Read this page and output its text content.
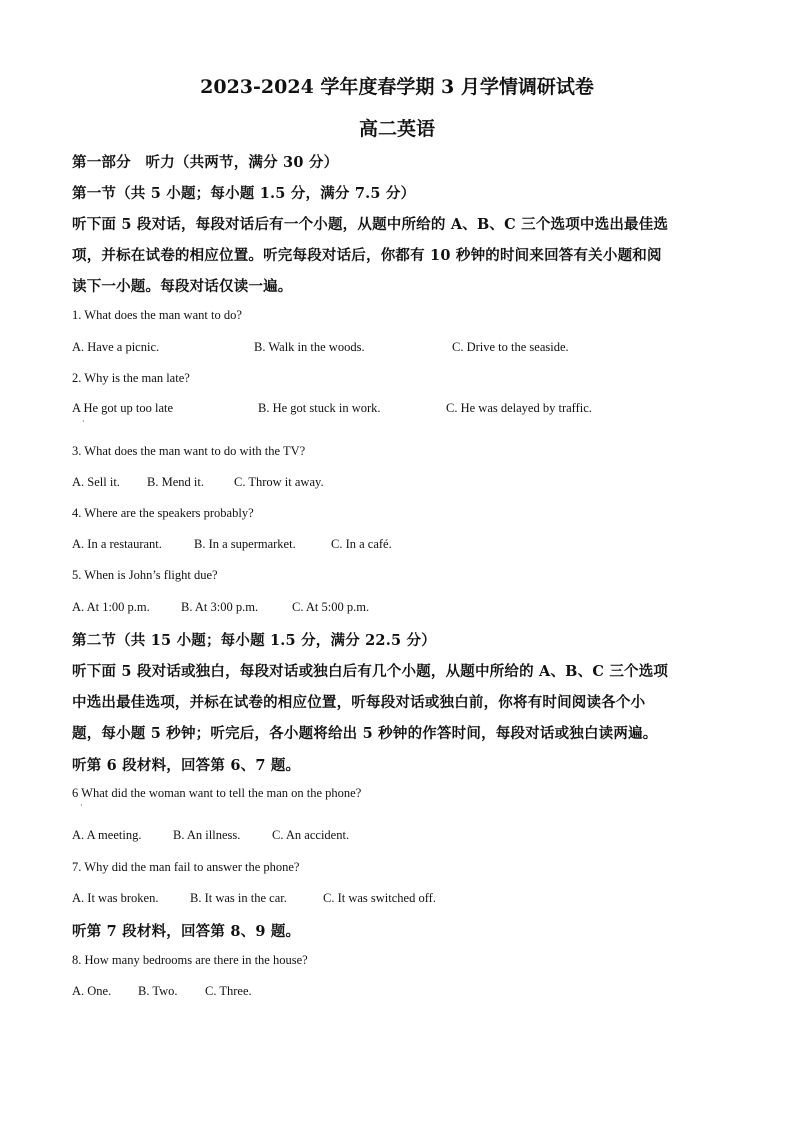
2023-2024 学年度春学期 3 月学情调研试卷
高二英语
第一部分　听力（共两节，满分 30 分）
第一节（共 5 小题；每小题 1.5 分，满分 7.5 分）
听下面 5 段对话，每段对话后有一个小题，从题中所给的 A、B、C 三个选项中选出最佳选
项，并标在试卷的相应位置。听完每段对话后，你都有 10 秒钟的时间来回答有关小题和阅
读下一小题。每段对话仅读一遍。
1. What does the man want to do?
A. Have a picnic.	B. Walk in the woods.	C. Drive to the seaside.
2. Why is the man late?
A He got up too late
·
B. He got stuck in work.	C. He was delayed by traffic.
3. What does the man want to do with the TV?
A. Sell it. B. Mend it. C. Throw it away.
4. Where are the speakers probably?
A. In a restaurant.	B. In a supermarket.	C. In a café.
5. When is John’s flight due?
A. At 1:00 p.m. B. At 3:00 p.m.	C. At 5:00 p.m.
第二节（共 15 小题；每小题 1.5 分，满分 22.5 分）
听下面 5 段对话或独白，每段对话或独白后有几个小题，从题中所给的 A、B、C 三个选项
中选出最佳选项，并标在试卷的相应位置，听每段对话或独白前，你将有时间阅读各个小
题，每小题 5 秒钟；听完后，各小题将给出 5 秒钟的作答时间，每段对话或独白读两遍。
听第 6 段材料，回答第 6、7 题。
6 What did the woman want to tell the man on the phone?
·
A. A meeting.	B. An illness.	C. An accident.
7. Why did the man fail to answer the phone?
A. It was broken.	B. It was in the car.	C. It was switched off.
听第 7 段材料，回答第 8、9 题。
8. How many bedrooms are there in the house?
A. One. B. Two. C. Three.
